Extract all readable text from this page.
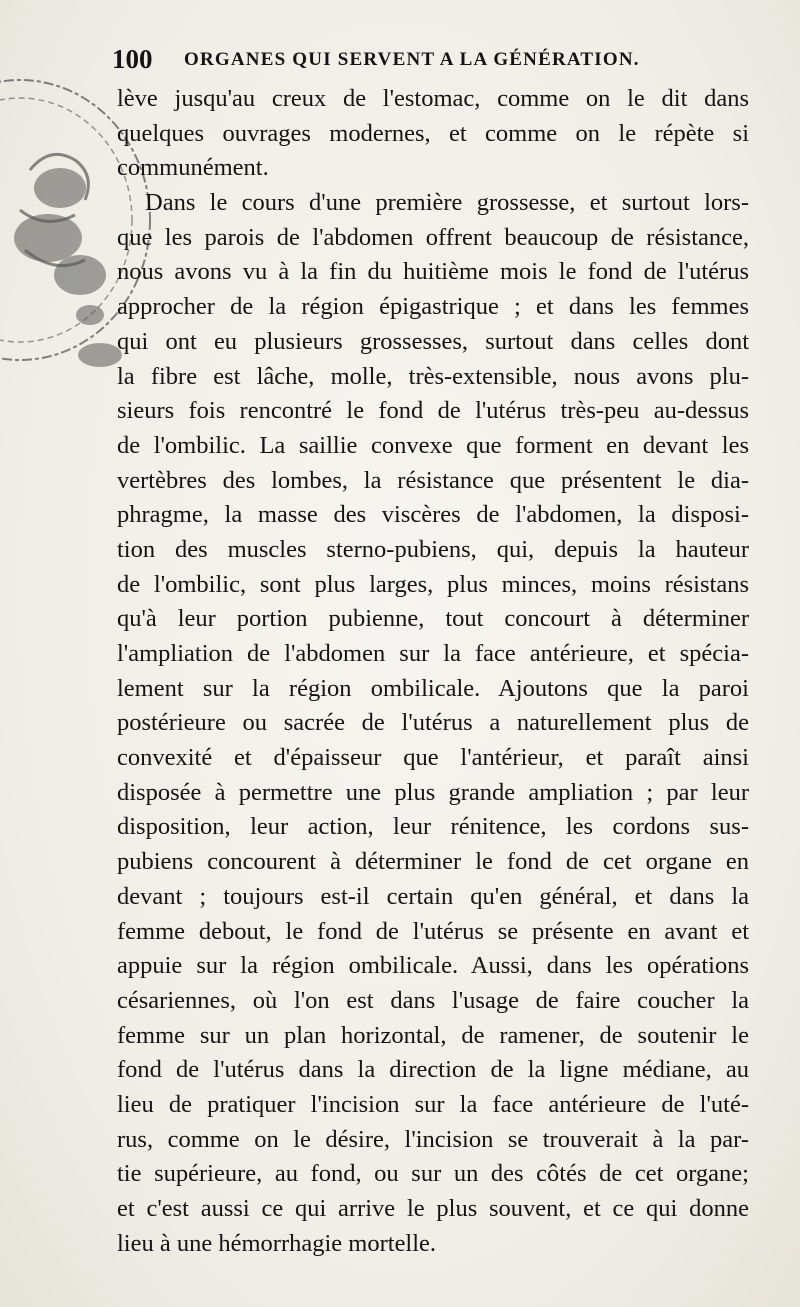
100 ORGANES QUI SERVENT A LA GÉNÉRATION.
lève jusqu'au creux de l'estomac, comme on le dit dans
quelques ouvrages modernes, et comme on le répète si
communément.
Dans le cours d'une première grossesse, et surtout lors-
que les parois de l'abdomen offrent beaucoup de résistance,
nous avons vu à la fin du huitième mois le fond de l'utérus
approcher de la région épigastrique ; et dans les femmes
qui ont eu plusieurs grossesses, surtout dans celles dont
la fibre est lâche, molle, très-extensible, nous avons plu-
sieurs fois rencontré le fond de l'utérus très-peu au-dessus
de l'ombilic. La saillie convexe que forment en devant les
vertèbres des lombes, la résistance que présentent le dia-
phragme, la masse des viscères de l'abdomen, la disposi-
tion des muscles sterno-pubiens, qui, depuis la hauteur
de l'ombilic, sont plus larges, plus minces, moins résistans
qu'à leur portion pubienne, tout concourt à déterminer
l'ampliation de l'abdomen sur la face antérieure, et spécia-
lement sur la région ombilicale. Ajoutons que la paroi
postérieure ou sacrée de l'utérus a naturellement plus de
convexité et d'épaisseur que l'antérieur, et paraît ainsi
disposée à permettre une plus grande ampliation ; par leur
disposition, leur action, leur rénitence, les cordons sus-
pubiens concourent à déterminer le fond de cet organe en
devant ; toujours est-il certain qu'en général, et dans la
femme debout, le fond de l'utérus se présente en avant et
appuie sur la région ombilicale. Aussi, dans les opérations
césariennes, où l'on est dans l'usage de faire coucher la
femme sur un plan horizontal, de ramener, de soutenir le
fond de l'utérus dans la direction de la ligne médiane, au
lieu de pratiquer l'incision sur la face antérieure de l'uté-
rus, comme on le désire, l'incision se trouverait à la par-
tie supérieure, au fond, ou sur un des côtés de cet organe;
et c'est aussi ce qui arrive le plus souvent, et ce qui donne
lieu à une hémorrhagie mortelle.
